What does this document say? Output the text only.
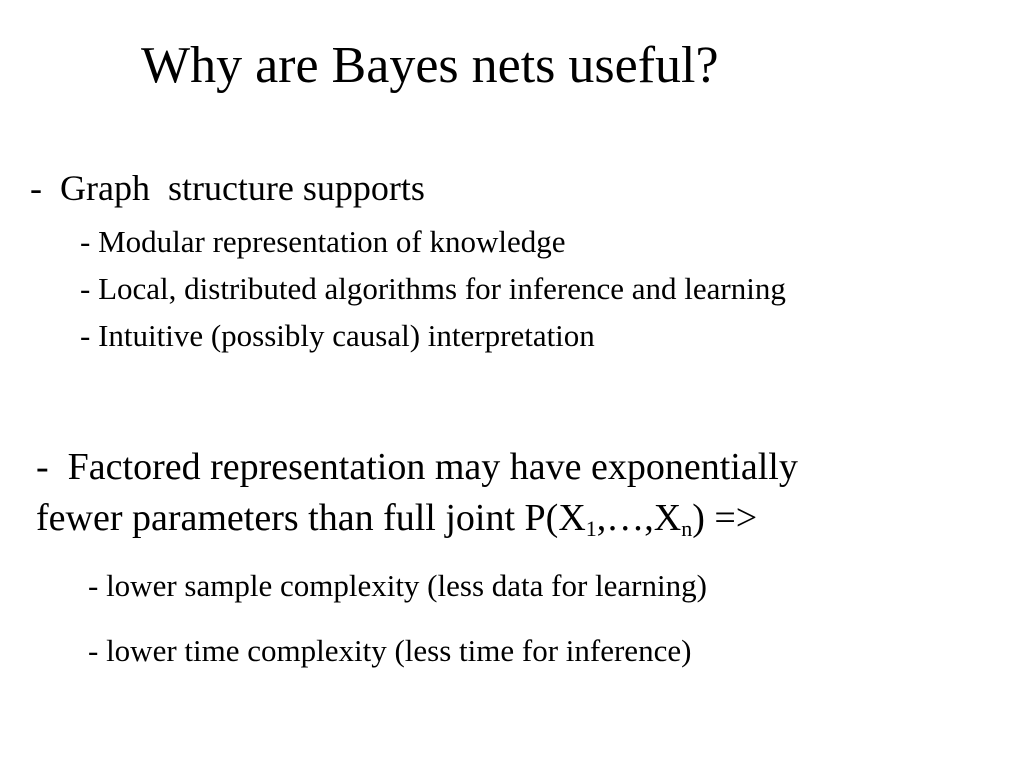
Why are Bayes nets useful?
-  Graph  structure supports
- Modular representation of knowledge
- Local, distributed algorithms for inference and learning
- Intuitive (possibly causal) interpretation
-  Factored representation may have exponentially
fewer parameters than full joint $P(X_1,\dots,X_n)$ =>
- lower sample complexity (less data for learning)
- lower time complexity (less time for inference)
